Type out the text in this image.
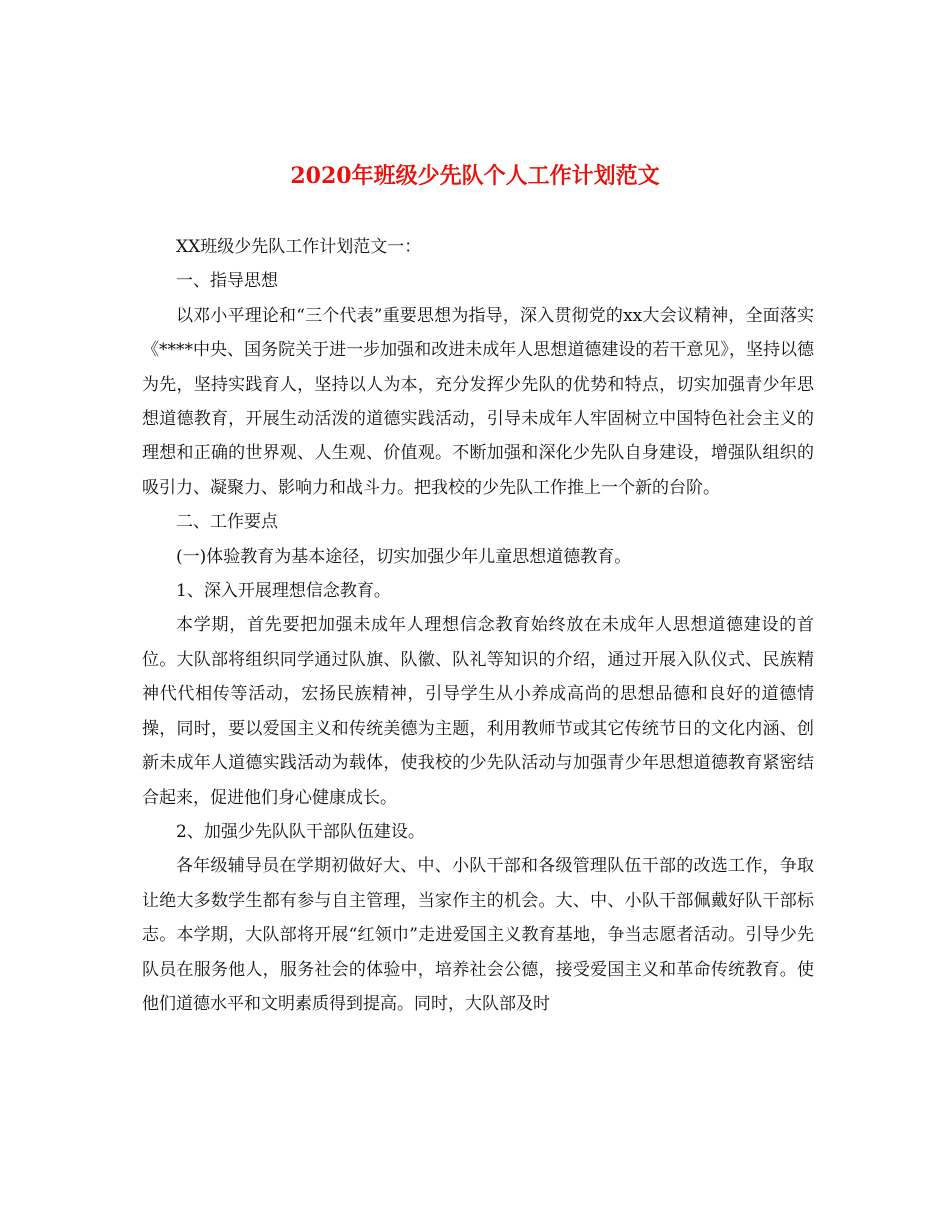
2020年班级少先队个人工作计划范文

XX班级少先队工作计划范文一：

一、指导思想

以邓小平理论和“三个代表”重要思想为指导，深入贯彻党的xx大会议精神，全面落实《****中央、国务院关于进一步加强和改进未成年人思想道德建设的若干意见》，坚持以德为先，坚持实践育人，坚持以人为本，充分发挥少先队的优势和特点，切实加强青少年思想道德教育，开展生动活泼的道德实践活动，引导未成年人牢固树立中国特色社会主义的理想和正确的世界观、人生观、价值观。不断加强和深化少先队自身建设，增强队组织的吸引力、凝聚力、影响力和战斗力。把我校的少先队工作推上一个新的台阶。

二、工作要点

(一)体验教育为基本途径，切实加强少年儿童思想道德教育。

1、深入开展理想信念教育。

本学期，首先要把加强未成年人理想信念教育始终放在未成年人思想道德建设的首位。大队部将组织同学通过队旗、队徽、队礼等知识的介绍，通过开展入队仪式、民族精神代代相传等活动，宏扬民族精神，引导学生从小养成高尚的思想品德和良好的道德情操，同时，要以爱国主义和传统美德为主题，利用教师节或其它传统节日的文化内涵、创新未成年人道德实践活动为载体，使我校的少先队活动与加强青少年思想道德教育紧密结合起来，促进他们身心健康成长。

2、加强少先队队干部队伍建设。

各年级辅导员在学期初做好大、中、小队干部和各级管理队伍干部的改选工作，争取让绝大多数学生都有参与自主管理，当家作主的机会。大、中、小队干部佩戴好队干部标志。本学期，大队部将开展“红领巾”走进爱国主义教育基地，争当志愿者活动。引导少先队员在服务他人，服务社会的体验中，培养社会公德，接受爱国主义和革命传统教育。使他们道德水平和文明素质得到提高。同时，大队部及时
